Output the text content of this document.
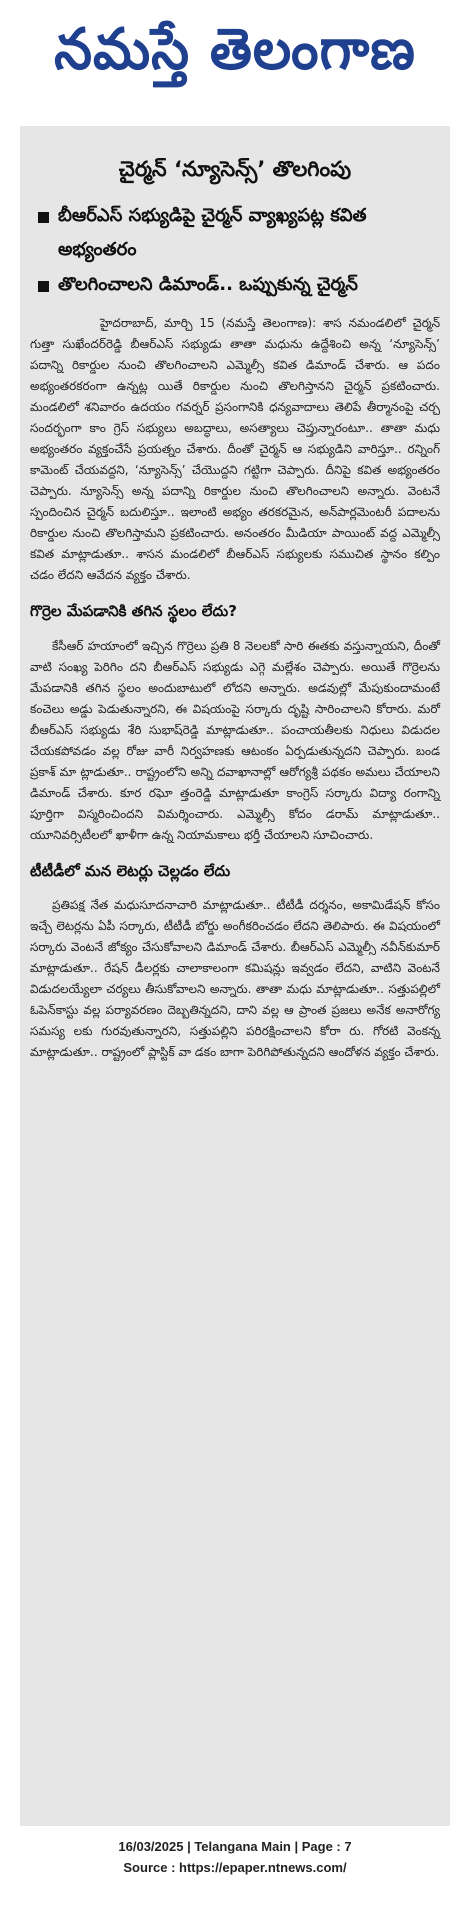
నమస్తే తెలంగాణ
చైర్మన్ ‘న్యూసెన్స్’ తొలగింపు
బీఆర్‌ఎస్ సభ్యుడిపై చైర్మన్ వ్యాఖ్యపట్ల కవిత అభ్యంతరం
తొలగించాలని డిమాండ్.. ఒప్పుకున్న చైర్మన్

హైదరాబాద్, మార్చి 15 (నమస్తే తెలంగాణ): శాస నమండలిలో చైర్మన్ గుత్తా సుఖేందర్‌రెడ్డి బీఆర్‌ఎస్ సభ్యుడు తాతా మధును ఉద్దేశించి అన్న ‘న్యూసెన్స్’ పదాన్ని రికార్డుల నుంచి తొలగించాలని ఎమ్మెల్సీ కవిత డిమాండ్ చేశారు. ఆ పదం అభ్యంతరకరంగా ఉన్నట్ల యితే రికార్డుల నుంచి తొలగిస్తానని చైర్మన్ ప్రకటించారు. మండలిలో శనివారం ఉదయం గవర్నర్ ప్రసంగానికి ధన్యవాదాలు తెలిపే తీర్మానంపై చర్చ సందర్భంగా కాం గ్రెస్ సభ్యులు అబద్ధాలు, అసత్యాలు చెప్తున్నారంటూ.. తాతా మధు అభ్యంతరం వ్యక్తంచేసే ప్రయత్నం చేశారు. దీంతో చైర్మన్ ఆ సభ్యుడిని వారిస్తూ.. రన్నింగ్ కామెంట్ చేయవద్దని, ‘న్యూసెన్స్’ చేయొద్దని గట్టిగా చెప్పారు. దీనిపై కవిత అభ్యంతరం చెప్పారు. న్యూసెన్స్ అన్న పదాన్ని రికార్డుల నుంచి తొలగించాలని అన్నారు. వెంటనే స్పందించిన చైర్మన్ బదులిస్తూ.. ఇలాంటి అభ్యం తరకరమైన, అన్‌పార్లమెంటరీ పదాలను రికార్డుల నుంచి తొలగిస్తామని ప్రకటించారు. అనంతరం మీడియా పాయింట్ వద్ద ఎమ్మెల్సీ కవిత మాట్లాడుతూ.. శాసన మండలిలో బీఆర్‌ఎస్ సభ్యులకు సముచిత స్థానం కల్పిం చడం లేదని ఆవేదన వ్యక్తం చేశారు.

గొర్రెల మేపడానికి తగిన స్థలం లేదు?

కేసీఆర్ హయాంలో ఇచ్చిన గొర్రెలు ప్రతి 8 నెలలకో సారి ఈతకు వస్తున్నాయని, దీంతో వాటి సంఖ్య పెరిగిం దని బీఆర్‌ఎస్ సభ్యుడు ఎగ్గె మల్లేశం చెప్పారు. అయితే గొర్రెలను మేపడానికి తగిన స్థలం అందుబాటులో లోదని అన్నారు. అడవుల్లో మేపుకుందామంటే కంచెలు అడ్డు పెడుతున్నారని, ఈ విషయంపై సర్కారు దృష్టి సారించాలని కోరారు. మరో బీఆర్‌ఎస్ సభ్యుడు శేరి సుభాష్‌రెడ్డి మాట్లాడుతూ.. పంచాయతీలకు నిధులు విడుదల చేయకపోవడం వల్ల రోజు వారీ నిర్వహణకు ఆటంకం ఏర్పడుతున్నదని చెప్పారు. బండ ప్రకాశ్ మా ట్లాడుతూ.. రాష్ట్రంలోని అన్ని దవాఖానాల్లో ఆరోగ్యశ్రీ పథకం అమలు చేయాలని డిమాండ్ చేశారు. కూర రఘో త్తంరెడ్డి మాట్లాడుతూ కాంగ్రెస్ సర్కారు విద్యా రంగాన్ని పూర్తిగా విస్మరించిందని విమర్శించారు. ఎమ్మెల్సీ కోదం డరామ్ మాట్లాడుతూ.. యూనివర్సిటీలలో ఖాళీగా ఉన్న నియామకాలు భర్తీ చేయాలని సూచించారు.

టీటీడీలో మన లెటర్లు చెల్లడం లేదు

ప్రతిపక్ష నేత మధుసూదనాచారి మాట్లాడుతూ.. టీటీడీ దర్శనం, అకామిడేషన్ కోసం ఇచ్చే లెటర్లను ఏపీ సర్కారు, టీటీడీ బోర్డు అంగీకరించడం లేదని తెలిపారు. ఈ విషయంలో సర్కారు వెంటనే జోక్యం చేసుకోవాలని డిమాండ్ చేశారు. బీఆర్‌ఎస్ ఎమ్మెల్సీ నవీన్‌కుమార్ మాట్లాడుతూ.. రేషన్ డీలర్లకు చాలాకాలంగా కమిషన్లు ఇవ్వడం లేదని, వాటిని వెంటనే విడుదలయ్యేలా చర్యలు తీసుకోవాలని అన్నారు. తాతా మధు మాట్లాడుతూ.. సత్తుపల్లిలో ఓపెన్‌కాస్టు వల్ల పర్యావరణం దెబ్బతిన్నదని, దాని వల్ల ఆ ప్రాంత ప్రజలు అనేక అనారోగ్య సమస్య లకు గురవుతున్నారని, సత్తుపల్లిని పరిరక్షించాలని కోరా రు. గోరటి వెంకన్న మాట్లాడుతూ.. రాష్ట్రంలో ప్లాస్టిక్ వా డకం బాగా పెరిగిపోతున్నదని ఆందోళన వ్యక్తం చేశారు.

16/03/2025 | Telangana Main | Page : 7
Source : https://epaper.ntnews.com/
